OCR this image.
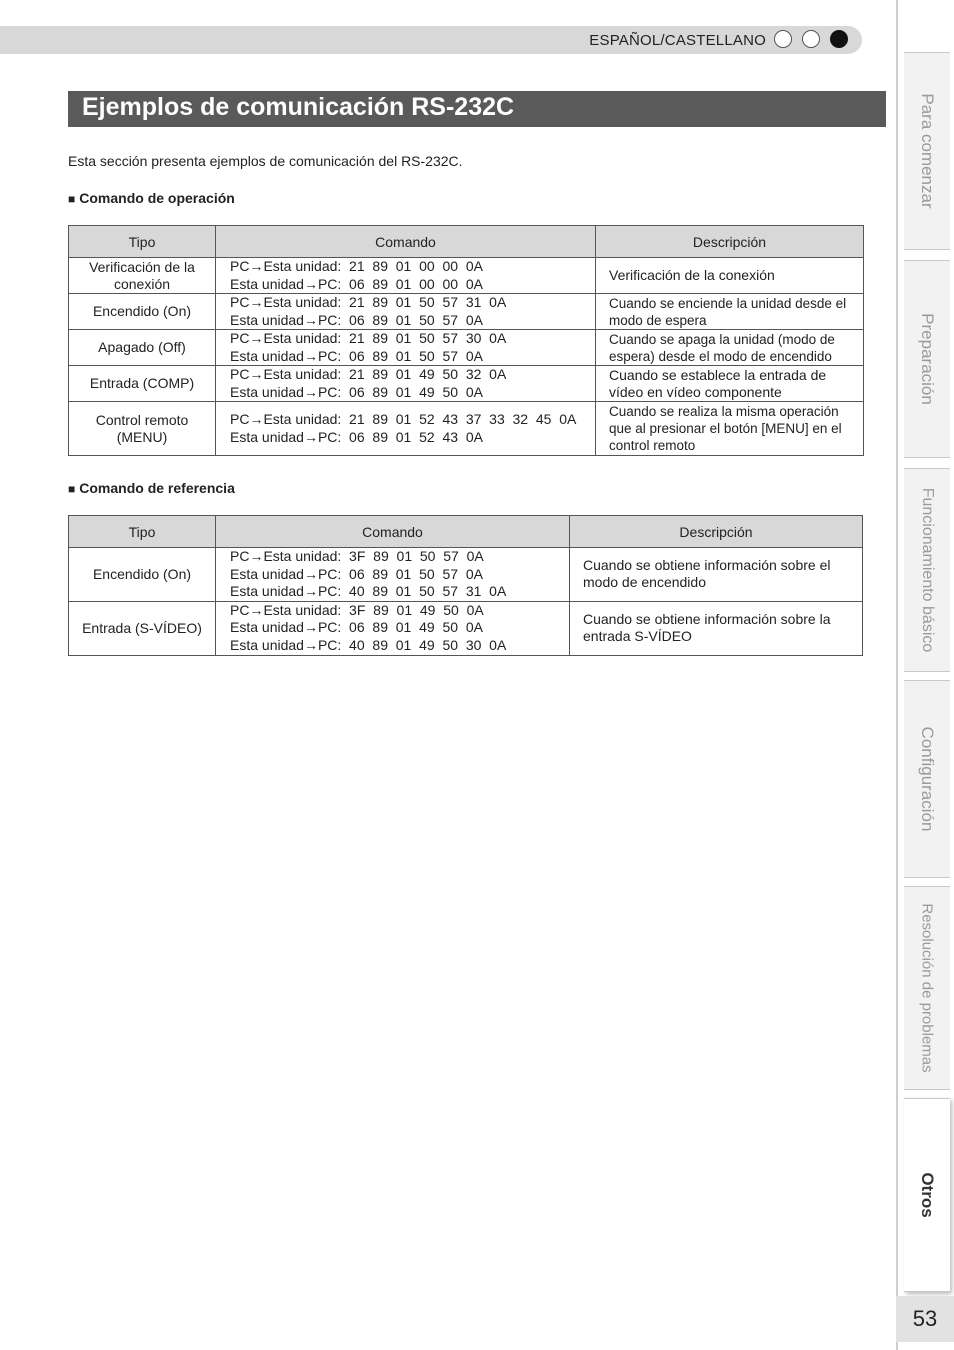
ESPAÑOL/CASTELLANO
Ejemplos de comunicación RS-232C
Esta sección presenta ejemplos de comunicación del RS-232C.
■ Comando de operación
Tipo	Comando	Descripción
Verificación de la
conexión	PC→Esta unidad:  21  89  01  00  00  0A
Esta unidad→PC:  06  89  01  00  00  0A	Verificación de la conexión
Encendido (On)	PC→Esta unidad:  21  89  01  50  57  31  0A
Esta unidad→PC:  06  89  01  50  57  0A	Cuando se enciende la unidad desde el modo de espera
Apagado (Off)	PC→Esta unidad:  21  89  01  50  57  30  0A
Esta unidad→PC:  06  89  01  50  57  0A	Cuando se apaga la unidad (modo de espera) desde el modo de encendido
Entrada (COMP)	PC→Esta unidad:  21  89  01  49  50  32  0A
Esta unidad→PC:  06  89  01  49  50  0A	Cuando se establece la entrada de vídeo en vídeo componente
Control remoto
(MENU)	PC→Esta unidad:  21  89  01  52  43  37  33  32  45  0A
Esta unidad→PC:  06  89  01  52  43  0A	Cuando se realiza la misma operación que al presionar el botón [MENU] en el control remoto
■ Comando de referencia
Tipo	Comando	Descripción
Encendido (On)	PC→Esta unidad:  3F  89  01  50  57  0A
Esta unidad→PC:  06  89  01  50  57  0A
Esta unidad→PC:  40  89  01  50  57  31  0A	Cuando se obtiene información sobre el modo de encendido
Entrada (S-VÍDEO)	PC→Esta unidad:  3F  89  01  49  50  0A
Esta unidad→PC:  06  89  01  49  50  0A
Esta unidad→PC:  40  89  01  49  50  30  0A	Cuando se obtiene información sobre la entrada S-VÍDEO
Para comenzar
Preparación
Funcionamiento básico
Configuración
Resolución de problemas
Otros
53
